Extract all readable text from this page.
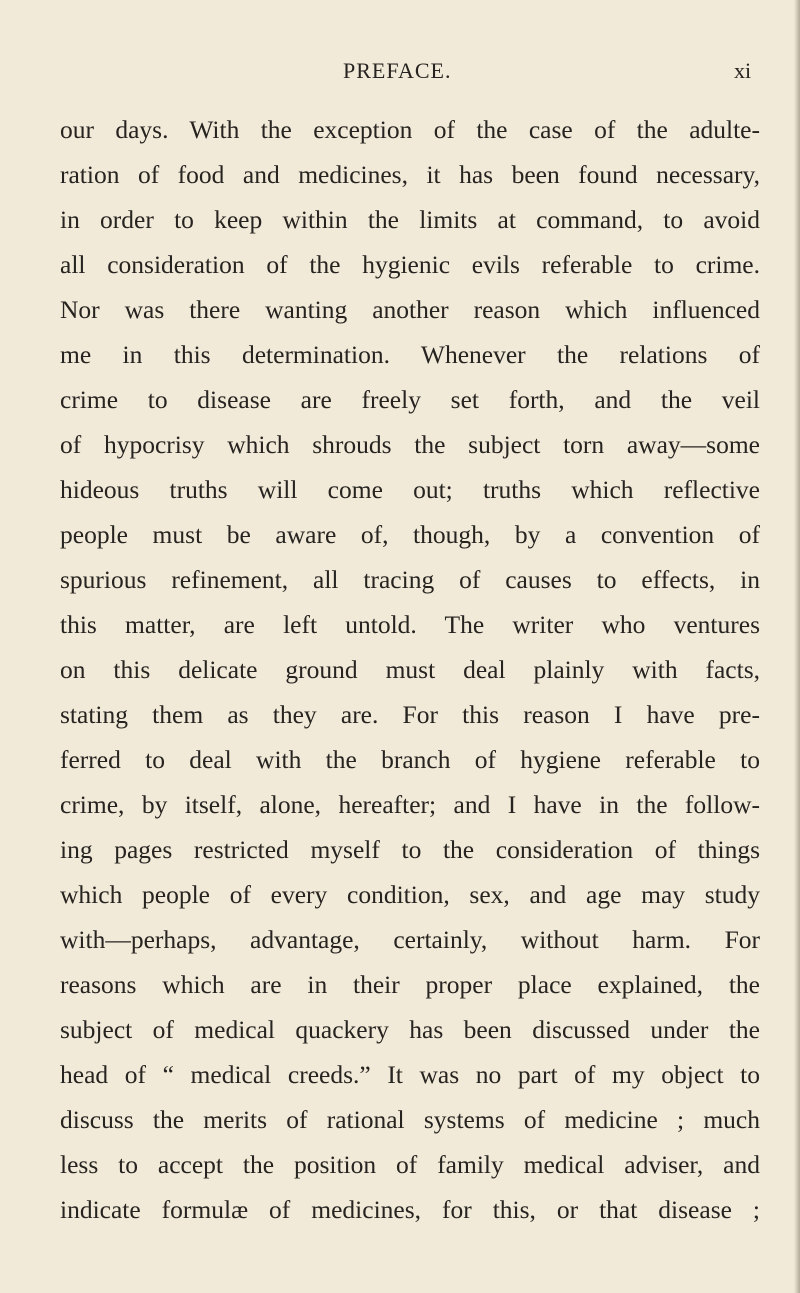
PREFACE.	xi
our days. With the exception of the case of the adulte-
ration of food and medicines, it has been found necessary,
in order to keep within the limits at command, to avoid
all consideration of the hygienic evils referable to crime.
Nor was there wanting another reason which influenced
me in this determination. Whenever the relations of
crime to disease are freely set forth, and the veil
of hypocrisy which shrouds the subject torn away—some
hideous truths will come out; truths which reflective
people must be aware of, though, by a convention of
spurious refinement, all tracing of causes to effects, in
this matter, are left untold. The writer who ventures
on this delicate ground must deal plainly with facts,
stating them as they are. For this reason I have pre-
ferred to deal with the branch of hygiene referable to
crime, by itself, alone, hereafter; and I have in the follow-
ing pages restricted myself to the consideration of things
which people of every condition, sex, and age may study
with—perhaps, advantage, certainly, without harm. For
reasons which are in their proper place explained, the
subject of medical quackery has been discussed under the
head of “ medical creeds.” It was no part of my object to
discuss the merits of rational systems of medicine ; much
less to accept the position of family medical adviser, and
indicate formulæ of medicines, for this, or that disease ;
